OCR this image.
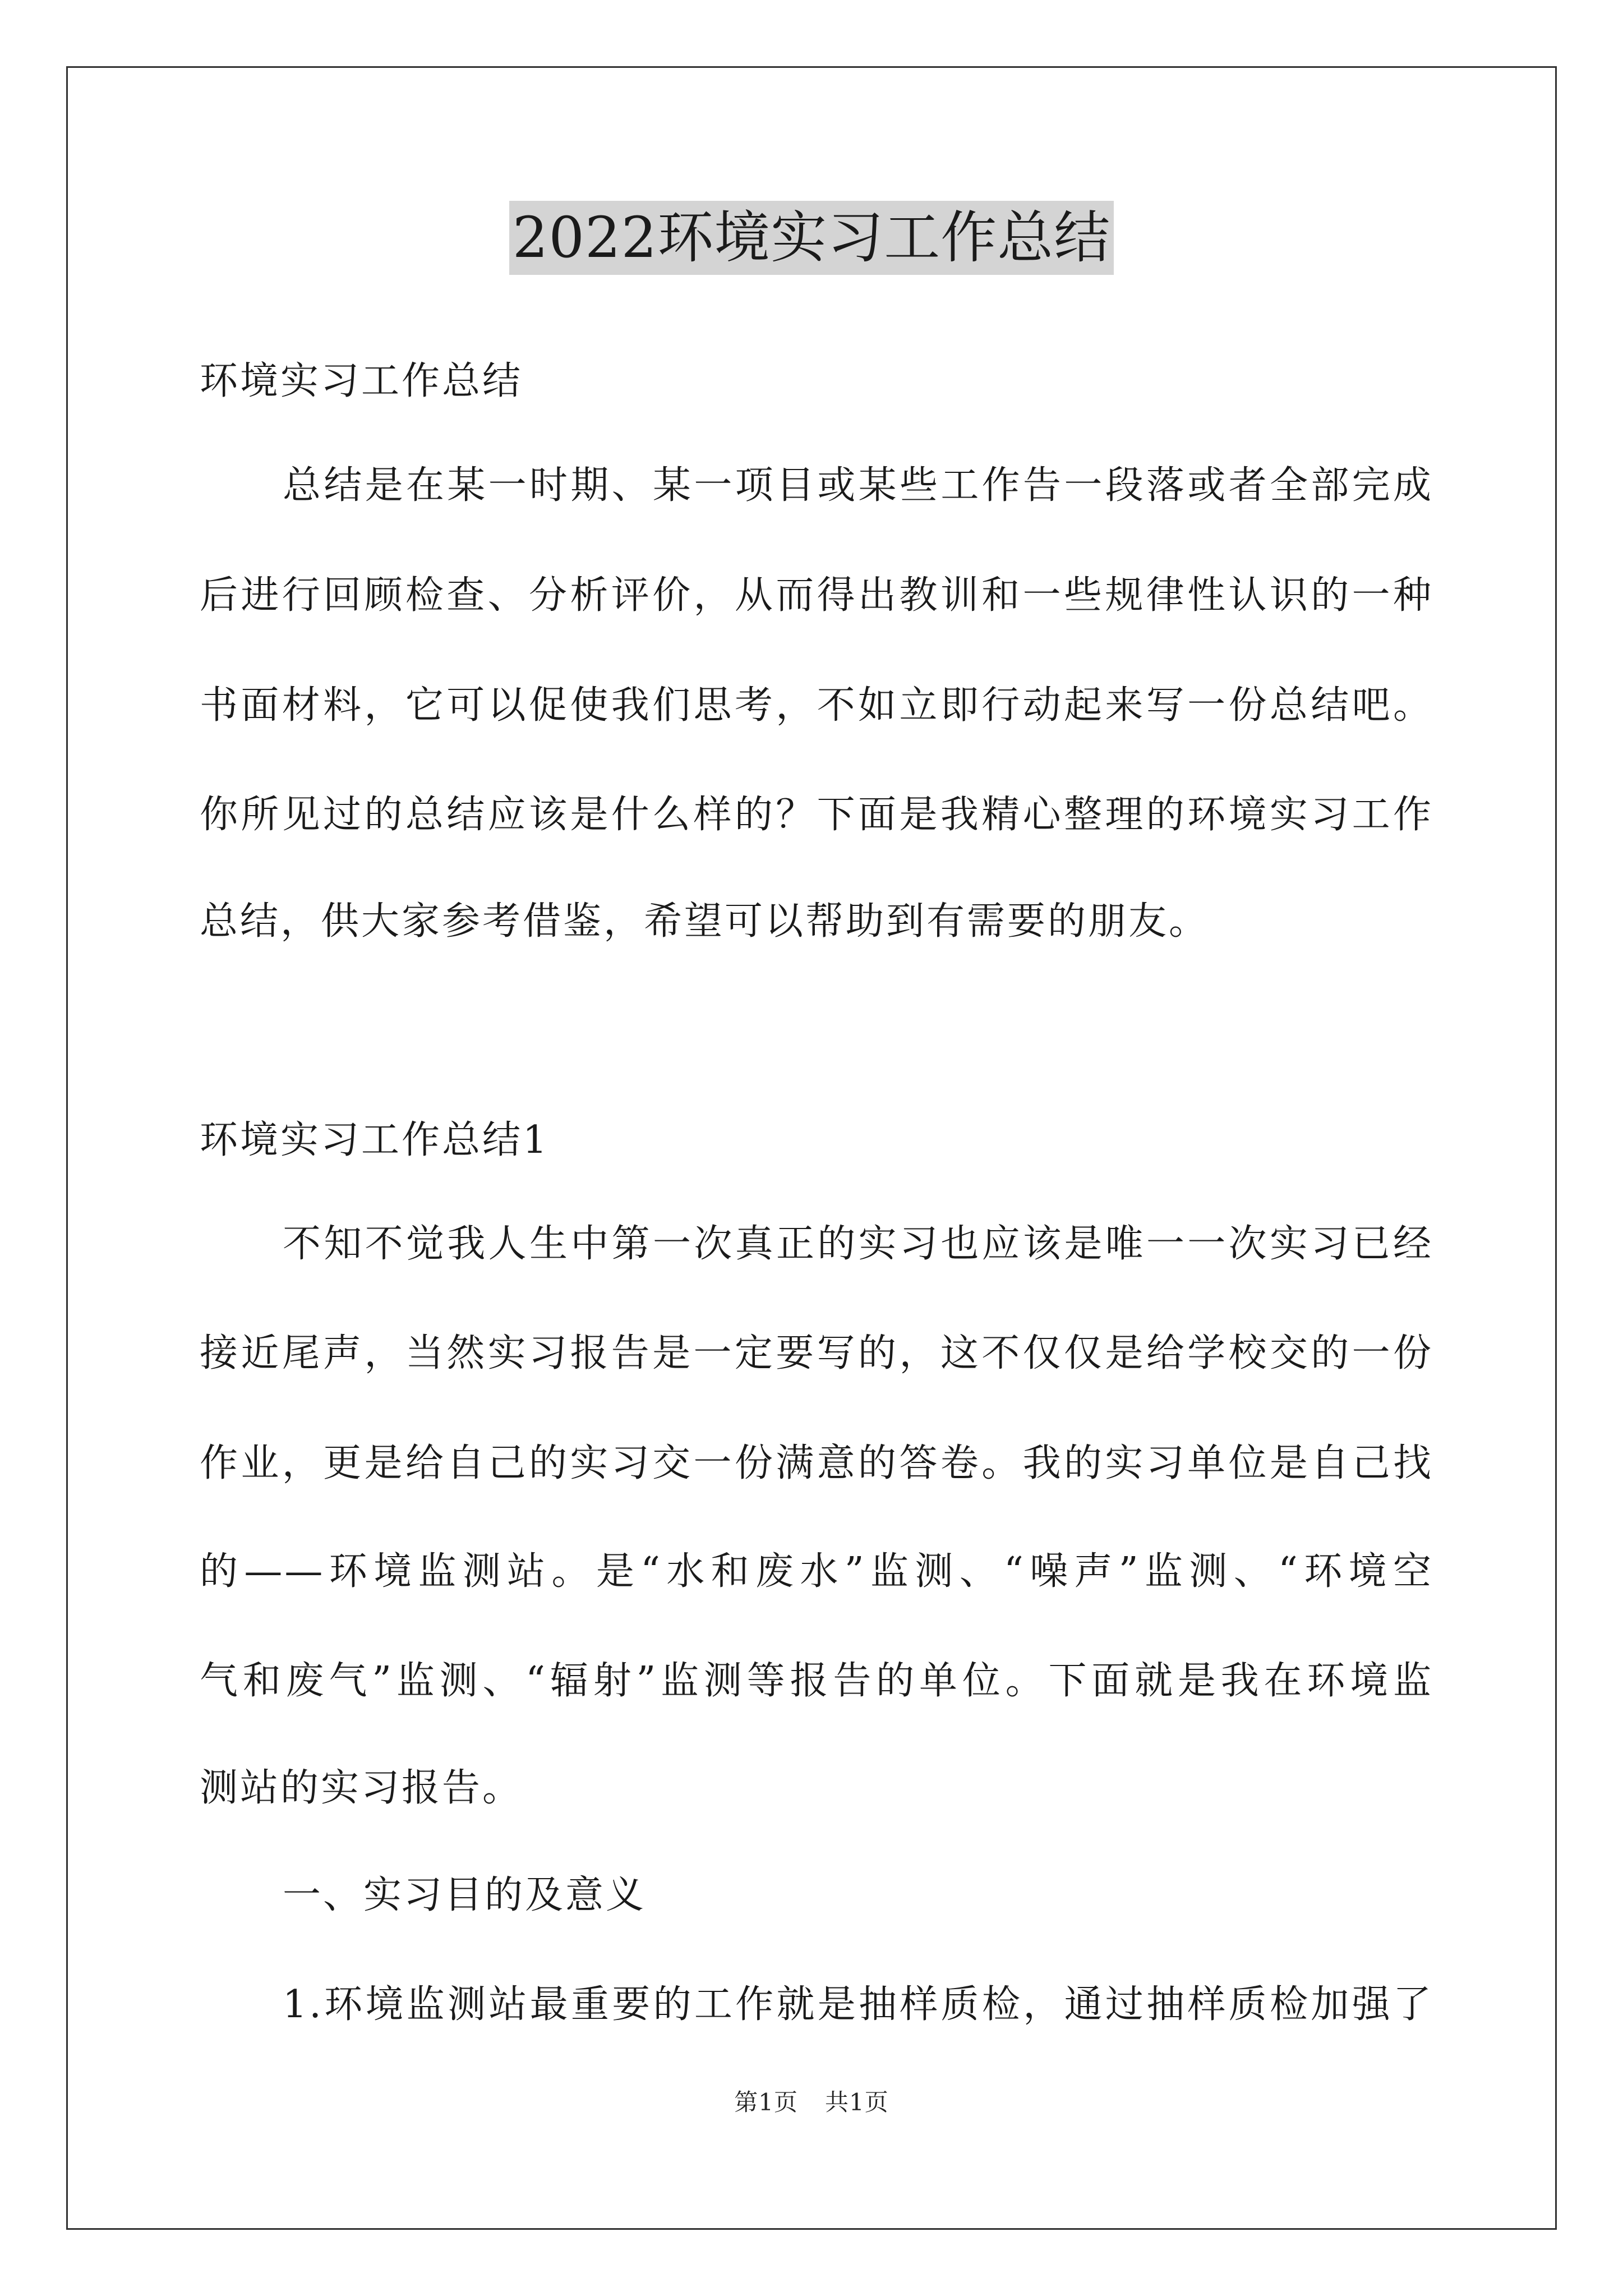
2022环境实习工作总结
环境实习工作总结
总结是在某一时期、某一项目或某些工作告一段落或者全部完成
后进行回顾检查、分析评价，从而得出教训和一些规律性认识的一种
书面材料，它可以促使我们思考，不如立即行动起来写一份总结吧。
你所见过的总结应该是什么样的？下面是我精心整理的环境实习工作
总结，供大家参考借鉴，希望可以帮助到有需要的朋友。
环境实习工作总结1
不知不觉我人生中第一次真正的实习也应该是唯一一次实习已经
接近尾声，当然实习报告是一定要写的，这不仅仅是给学校交的一份
作业，更是给自己的实习交一份满意的答卷。我的实习单位是自己找
的——环境监测站。是“水和废水”监测、“噪声”监测、“环境空
气和废气”监测、“辐射”监测等报告的单位。下面就是我在环境监
测站的实习报告。
一、实习目的及意义
1.环境监测站最重要的工作就是抽样质检，通过抽样质检加强了
第1页 共1页
